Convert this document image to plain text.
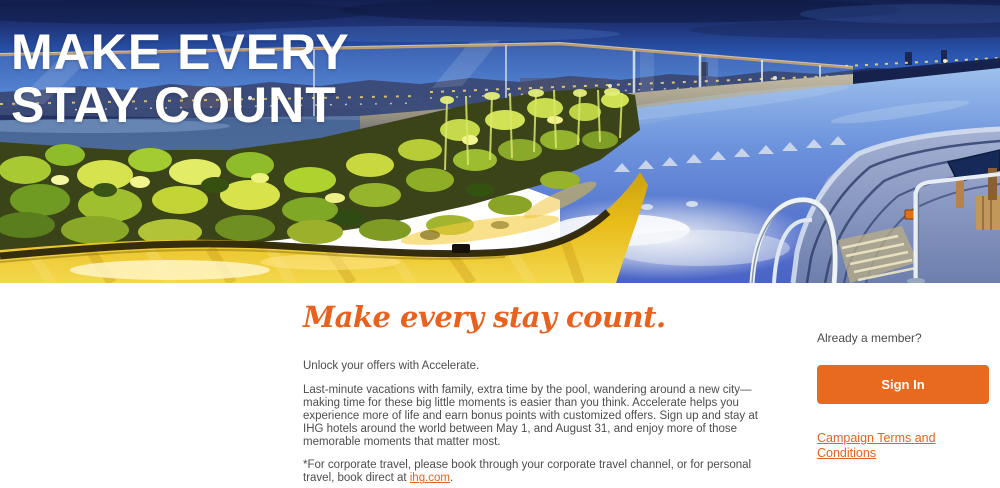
MAKE EVERY
STAY COUNT
Make every stay count.

Unlock your offers with Accelerate.

Last-minute vacations with family, extra time by the pool, wandering around a new city—making time for these big little moments is easier than you think. Accelerate helps you experience more of life and earn bonus points with customized offers. Sign up and stay at IHG hotels around the world between May 1, and August 31, and enjoy more of those memorable moments that matter most.

*For corporate travel, please book through your corporate travel channel, or for personal travel, book direct at ihg.com.

Already a member?
Sign In
Campaign Terms and Conditions
